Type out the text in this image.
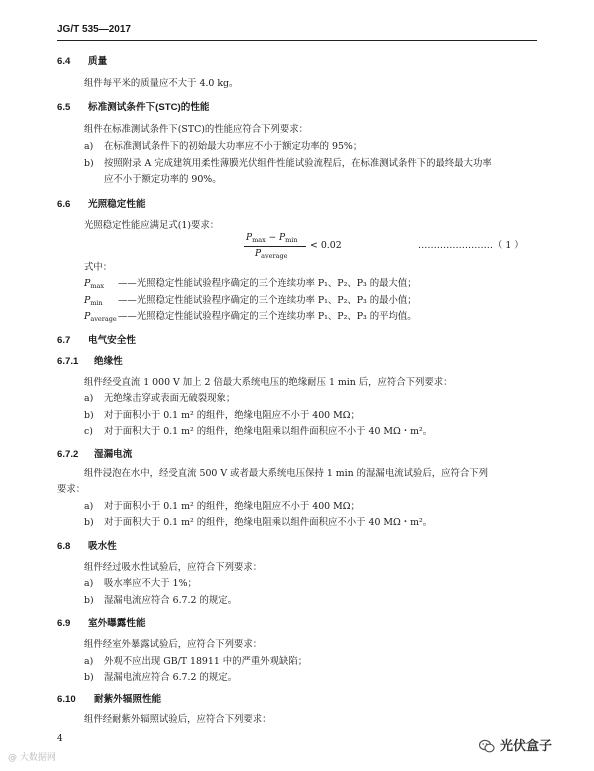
JG/T 535—2017
6.4 质量
组件每平米的质量应不大于 4.0 kg。
6.5 标准测试条件下(STC)的性能
组件在标准测试条件下(STC)的性能应符合下列要求：
a) 在标准测试条件下的初始最大功率应不小于额定功率的 95%；
b) 按照附录 A 完成建筑用柔性薄膜光伏组件性能试验流程后，在标准测试条件下的最终最大功率
应不小于额定功率的 90%。
6.6 光照稳定性能
光照稳定性能应满足式(1)要求：
$P_{max} - P_{min}$
$P_{average}$
< 0.02	……………………（ 1 ）
式中：
$P_{max}$ ——光照稳定性能试验程序确定的三个连续功率 P₁、P₂、P₃ 的最大值；
$P_{min}$ ——光照稳定性能试验程序确定的三个连续功率 P₁、P₂、P₃ 的最小值；
$P_{average}$ ——光照稳定性能试验程序确定的三个连续功率 P₁、P₂、P₃ 的平均值。
6.7 电气安全性
6.7.1 绝缘性
组件经受直流 1 000 V 加上 2 倍最大系统电压的绝缘耐压 1 min 后，应符合下列要求：
a) 无绝缘击穿或表面无破裂现象；
b) 对于面积小于 0.1 m² 的组件，绝缘电阻应不小于 400 MΩ；
c) 对于面积大于 0.1 m² 的组件，绝缘电阻乘以组件面积应不小于 40 MΩ・m²。
6.7.2 湿漏电流
组件浸泡在水中，经受直流 500 V 或者最大系统电压保持 1 min 的湿漏电流试验后，应符合下列
要求：
a) 对于面积小于 0.1 m² 的组件，绝缘电阻应不小于 400 MΩ；
b) 对于面积大于 0.1 m² 的组件，绝缘电阻乘以组件面积应不小于 40 MΩ・m²。
6.8 吸水性
组件经过吸水性试验后，应符合下列要求：
a) 吸水率应不大于 1%；
b) 湿漏电流应符合 6.7.2 的规定。
6.9 室外曝露性能
组件经室外暴露试验后，应符合下列要求：
a) 外观不应出现 GB/T 18911 中的严重外观缺陷；
b) 湿漏电流应符合 6.7.2 的规定。
6.10 耐紫外辐照性能
组件经耐紫外辐照试验后，应符合下列要求：
4
@ 大数据网
光伏盒子
